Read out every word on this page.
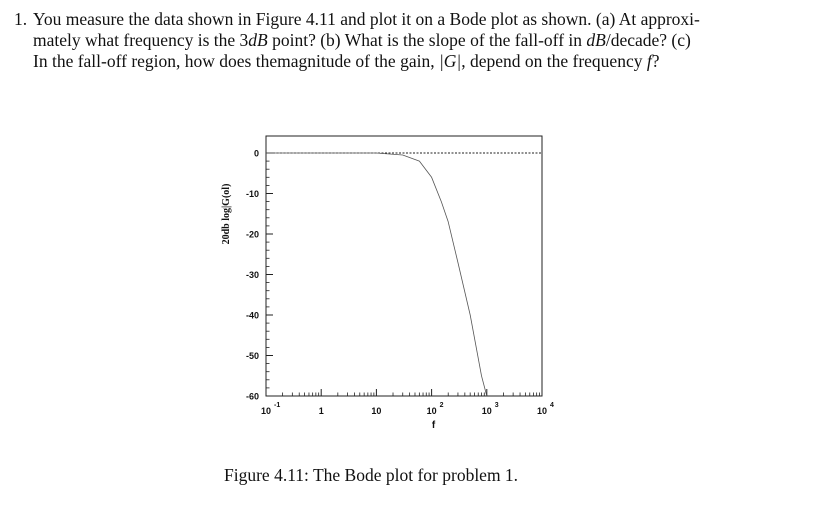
1. You measure the data shown in Figure 4.11 and plot it on a Bode plot as shown. (a) At approxi-
mately what frequency is the 3dB point? (b) What is the slope of the fall-off in dB/decade? (c)
In the fall-off region, how does themagnitude of the gain, |G|, depend on the frequency f?
0
-10
-20
-30
-40
-50
-60
10
-1
1	10	10
2
10
3
10
4
f
20db log|G(ol)
Figure 4.11: The Bode plot for problem 1.
